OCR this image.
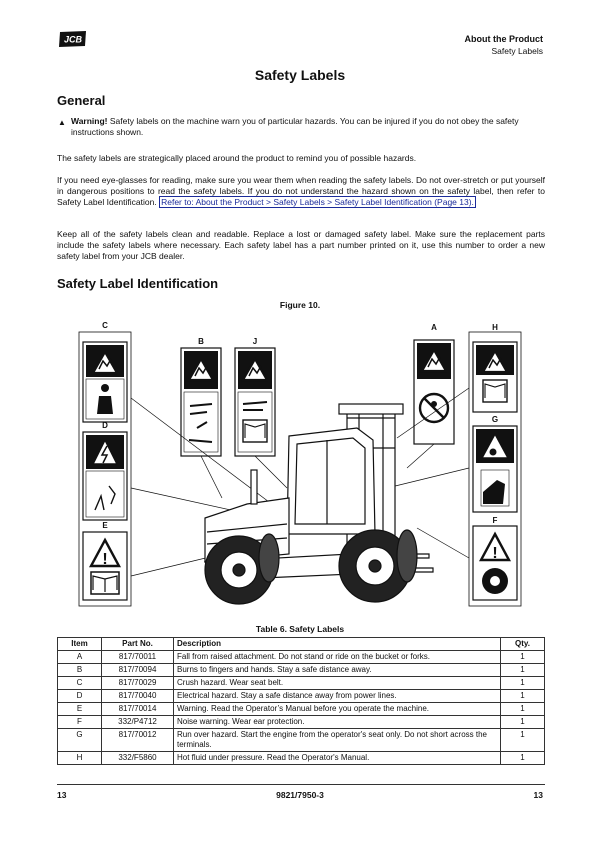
JCB	About the Product
Safety Labels
Safety Labels
General
▲ Warning! Safety labels on the machine warn you of particular hazards. You can be injured if you do not obey the safety instructions shown.
The safety labels are strategically placed around the product to remind you of possible hazards.
If you need eye-glasses for reading, make sure you wear them when reading the safety labels. Do not over-stretch or put yourself in dangerous positions to read the safety labels. If you do not understand the hazard shown on the safety label, then refer to Safety Label Identification. Refer to: About the Product > Safety Labels > Safety Label Identification (Page 13).
Keep all of the safety labels clean and readable. Replace a lost or damaged safety label. Make sure the replacement parts include the safety labels where necessary. Each safety label has a part number printed on it, use this number to order a new safety label from your JCB dealer.
Safety Label Identification
Figure 10.
!
!	!
C
D
E
B	J
A	H
G
F
Table 6. Safety Labels
Item	Part No.	Description	Qty.
A	817/70011	Fall from raised attachment. Do not stand or ride on the bucket or forks.	1
B	817/70094	Burns to fingers and hands. Stay a safe distance away.	1
C	817/70029	Crush hazard. Wear seat belt.	1
D	817/70040	Electrical hazard. Stay a safe distance away from power lines.	1
E	817/70014	Warning. Read the Operator’s Manual before you operate the machine.	1
F	332/P4712	Noise warning. Wear ear protection.	1
G	817/70012	Run over hazard. Start the engine from the operator's seat only. Do not short across the terminals.	1
H	332/F5860	Hot fluid under pressure. Read the Operator's Manual.	1
13	9821/7950-3	13
